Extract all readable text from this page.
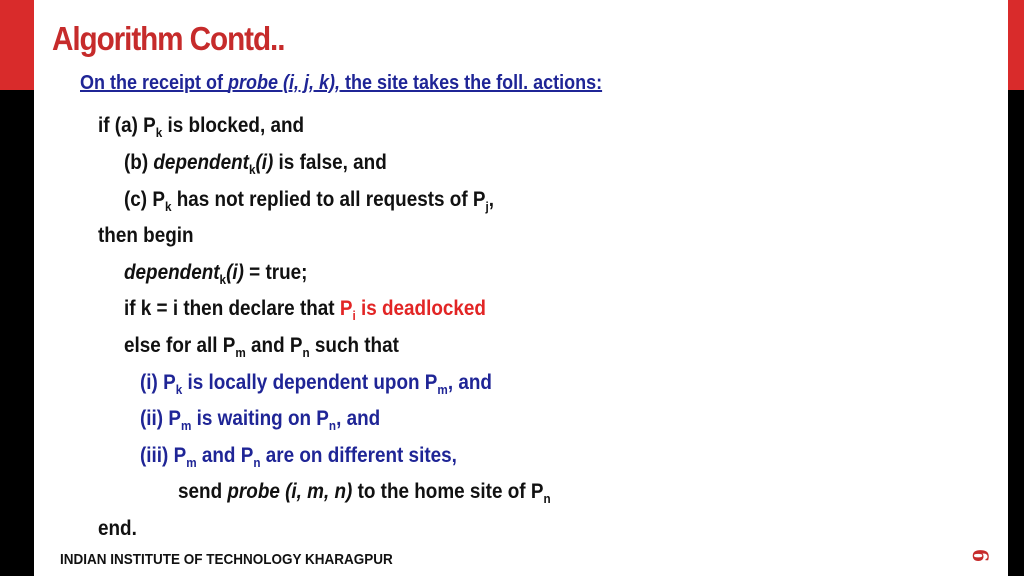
Algorithm Contd..
On the receipt of probe (i, j, k), the site takes the foll. actions:
if (a) $P_k$ is blocked, and
(b) dependent$_k$(i) is false, and
(c) $P_k$ has not replied to all requests of $P_j$,
then begin
dependent$_k$(i) = true;
if k = i then declare that $P_i$ is deadlocked
else for all $P_m$ and $P_n$ such that
(i) $P_k$ is locally dependent upon $P_m$, and
(ii) $P_m$ is waiting on $P_n$, and
(iii) $P_m$ and $P_n$ are on different sites,
send probe (i, m, n) to the home site of $P_n$
end.
INDIAN INSTITUTE OF TECHNOLOGY KHARAGPUR	6
